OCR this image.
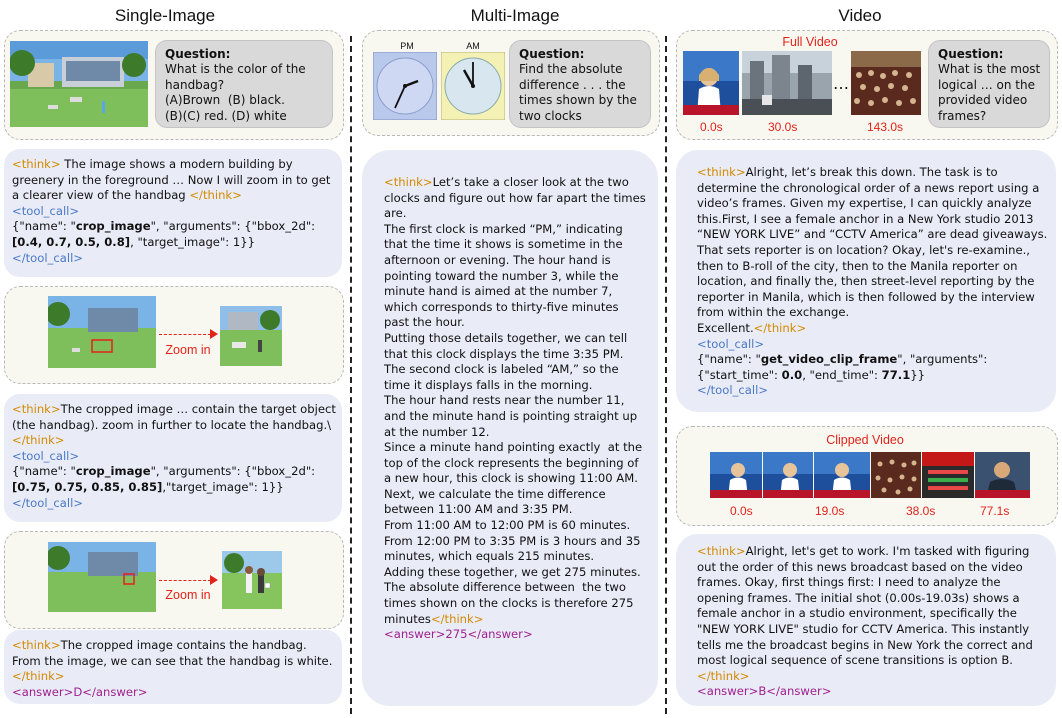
Single-Image	Multi-Image	Video
Question:
What is the color of the handbag?
(A)Brown  (B) black.
(B)(C) red. (D) white
<think> The image shows a modern building by greenery in the foreground … Now I will zoom in to get a clearer view of the handbag </think>
<tool_call>
{"name": "crop_image", "arguments": {"bbox_2d":
[0.4, 0.7, 0.5, 0.8], "target_image": 1}}
</tool_call>
Zoom in
<think>The cropped image … contain the target object (the handbag). zoom in further to locate the handbag.\ </think>
<tool_call>
{"name": "crop_image", "arguments": {"bbox_2d":
[0.75, 0.75, 0.85, 0.85],"target_image": 1}}
</tool_call>
Zoom in
<think>The cropped image contains the handbag. From the image, we can see that the handbag is white.
</think>
<answer>D</answer>
PM	AM
Question:
Find the absolute difference . . . the times shown by the two clocks
<think>Let’s take a closer look at the two clocks and figure out how far apart the times are.
The first clock is marked “PM,” indicating that the time it shows is sometime in the afternoon or evening. The hour hand is pointing toward the number 3, while the minute hand is aimed at the number 7, which corresponds to thirty-five minutes past the hour.
Putting those details together, we can tell that this clock displays the time 3:35 PM.
The second clock is labeled “AM,” so the time it displays falls in the morning.
The hour hand rests near the number 11, and the minute hand is pointing straight up at the number 12.
Since a minute hand pointing exactly  at the top of the clock represents the beginning of a new hour, this clock is showing 11:00 AM.
Next, we calculate the time difference between 11:00 AM and 3:35 PM.
From 11:00 AM to 12:00 PM is 60 minutes.
From 12:00 PM to 3:35 PM is 3 hours and 35 minutes, which equals 215 minutes.
Adding these together, we get 275 minutes.
The absolute difference between  the two times shown on the clocks is therefore 275 minutes</think>
<answer>275</answer>
Full Video
…
0.0s	30.0s	143.0s
Question:
What is the most logical … on the provided video frames?
<think>Alright, let’s break this down. The task is to determine the chronological order of a news report using a video’s frames. Given my expertise, I can quickly analyze this.First, I see a female anchor in a New York studio 2013 “NEW YORK LIVE” and “CCTV America” are dead giveaways. That sets reporter is on location? Okay, let's re-examine., then to B-roll of the city, then to the Manila reporter on location, and finally the, then street-level reporting by the reporter in Manila, which is then followed by the interview from within the exchange.
Excellent.</think>
<tool_call>
{"name": "get_video_clip_frame", "arguments":
{"start_time": 0.0, "end_time": 77.1}}
</tool_call>
Clipped Video
0.0s	19.0s	38.0s	77.1s
<think>Alright, let's get to work. I'm tasked with figuring out the order of this news broadcast based on the video frames. Okay, first things first: I need to analyze the opening frames. The initial shot (0.00s-19.03s) shows a female anchor in a studio environment, specifically the "NEW YORK LIVE" studio for CCTV America. This instantly tells me the broadcast begins in New York the correct and most logical sequence of scene transitions is option B.</think>
<answer>B</answer>
